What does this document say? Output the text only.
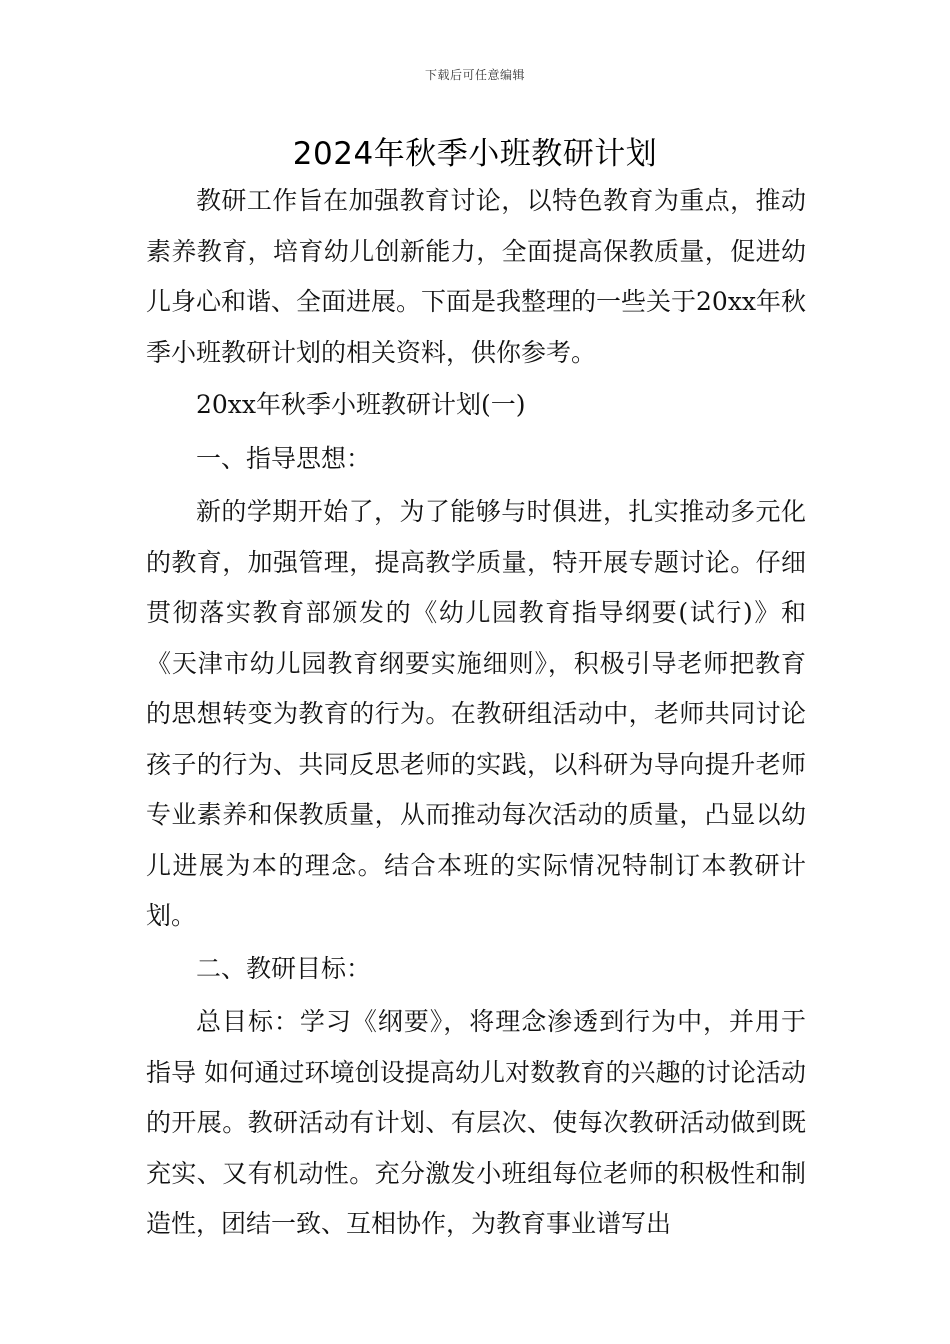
下载后可任意编辑
2024年秋季小班教研计划

教研工作旨在加强教育讨论，以特色教育为重点，推动素养教育，培育幼儿创新能力，全面提高保教质量，促进幼儿身心和谐、全面进展。下面是我整理的一些关于20xx年秋季小班教研计划的相关资料，供你参考。

20xx年秋季小班教研计划(一)

一、指导思想：

新的学期开始了，为了能够与时俱进，扎实推动多元化的教育，加强管理，提高教学质量，特开展专题讨论。仔细贯彻落实教育部颁发的《幼儿园教育指导纲要(试行)》和《天津市幼儿园教育纲要实施细则》，积极引导老师把教育的思想转变为教育的行为。在教研组活动中，老师共同讨论孩子的行为、共同反思老师的实践，以科研为导向提升老师专业素养和保教质量，从而推动每次活动的质量，凸显以幼儿进展为本的理念。结合本班的实际情况特制订本教研计划。

二、教研目标：

总目标：学习《纲要》，将理念渗透到行为中，并用于指导 如何通过环境创设提高幼儿对数教育的兴趣的讨论活动的开展。教研活动有计划、有层次、使每次教研活动做到既充实、又有机动性。充分激发小班组每位老师的积极性和制造性，团结一致、互相协作，为教育事业谱写出
